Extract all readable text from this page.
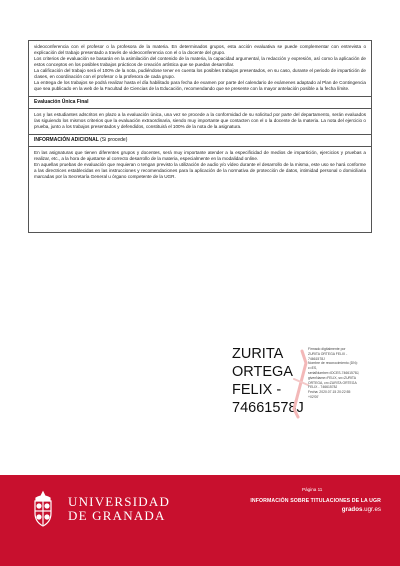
videoconferencia con el profesor o la profesora de la materia. En determinados grupos, esta acción evaluativa se puede complementar con entrevista o explicación del trabajo presentado a través de videoconferencia con el o la docente del grupo.

Los criterios de evaluación se basarán en la asimilación del contenido de la materia, la capacidad argumental, la redacción y expresión, así como la aplicación de estos conceptos en los posibles trabajos prácticos de creación artística que se puedan desarrollar.

La calificación del trabajo será el 100% de la nota, pudiéndose tener en cuenta los posibles trabajos presentados, en su caso, durante el periodo de impartición de clases, en coordinación con el profesor o la profesora de cada grupo.

La entrega de los trabajos se podrá realizar hasta el día habilitado para fecha de examen por parte del calendario de exámenes adaptado al Plan de Contingencia que sea publicado en la web de la Facultad de Ciencias de la Educación, recomendando que se presente con la mayor antelación posible a la fecha límite.

Evaluación Única Final

Los y las estudiantes adscritos en plazo a la evaluación única, una vez se procede a la conformidad de su solicitud por parte del departamento, serán evaluados /as siguiendo los mismos criterios que la evaluación extraordinaria, siendo muy importante que contacten con el o la docente de la materia. La nota del ejercicio o prueba, junto a los trabajos presentados y defendidos, constituirá el 100% de la nota de la asignatura.

INFORMACIÓN ADICIONAL (Si procede)

En las asignaturas que tienen diferentes grupos y docentes, será muy importante atender a la especificidad de medios de impartición, ejercicios y pruebas a realizar, etc., a la hora de ajustarse al correcto desarrollo de la materia, especialmente en la modalidad online.

En aquellas pruebas de evaluación que requieran o tengan previsto la utilización de audio y/o vídeo durante el desarrollo de la misma, este uso se hará conforme a las directrices establecidas en las instrucciones y recomendaciones para la aplicación de la normativa de protección de datos, intimidad personal o domiciliaria marcadas por la Secretaría General u órgano competente de la UGR.

ZURITA
ORTEGA
FELIX -
74661578J

Firmado digitalmente por

ZURITA ORTEGA FELIX -

74661578J

Nombre de reconocimiento (DN):

c=ES,

serialNumber=IDCES-74661578J,

givenName=FELIX, sn=ZURITA

ORTEGA, cn=ZURITA ORTEGA

FELIX - 74661578J

Fecha: 2020.07.15 20:22:55

+02'00'

UNIVERSIDAD
DE GRANADA
Página 11
INFORMACIÓN SOBRE TITULACIONES DE LA UGR
grados.ugr.es
